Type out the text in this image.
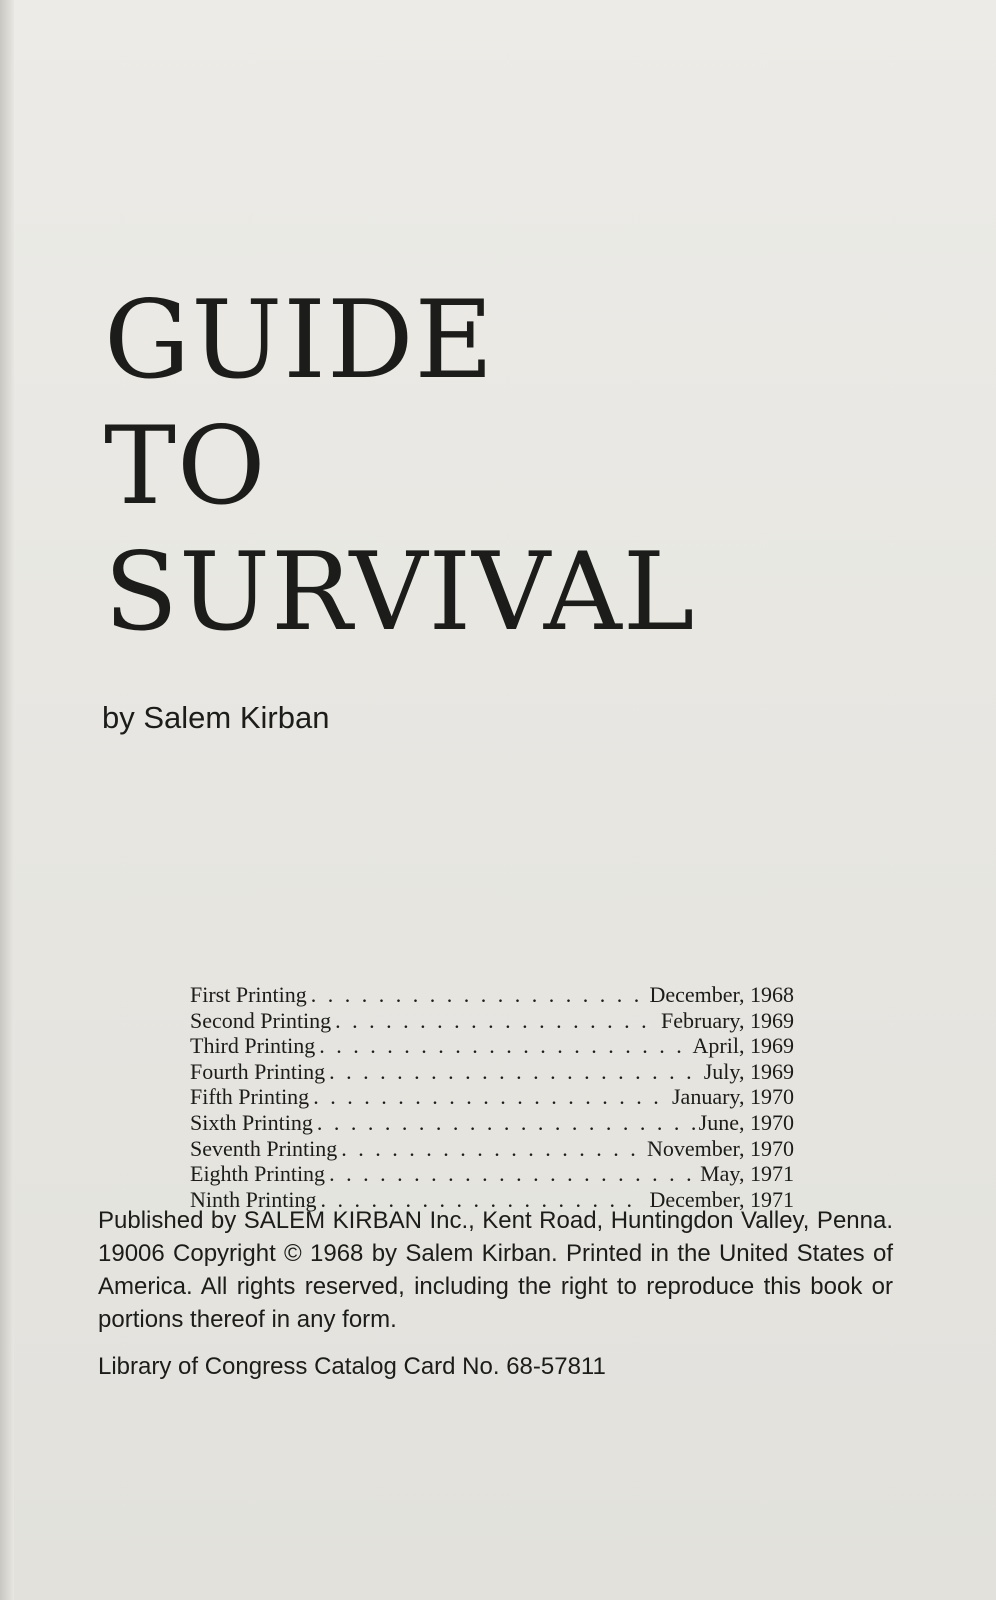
GUIDE
TO
SURVIVAL
by Salem Kirban
First Printing . . .	December, 1968
Second Printing . . .	February, 1969
Third Printing . . .	April, 1969
Fourth Printing . . .	July, 1969
Fifth Printing . . .	January, 1970
Sixth Printing . . .	June, 1970
Seventh Printing . . .	November, 1970
Eighth Printing . . .	May, 1971
Ninth Printing . . .	December, 1971

Published by SALEM KIRBAN Inc., Kent Road, Huntingdon Valley, Penna. 19006 Copyright © 1968 by Salem Kirban. Printed in the United States of America. All rights reserved, including the right to reproduce this book or portions thereof in any form.

Library of Congress Catalog Card No. 68-57811
